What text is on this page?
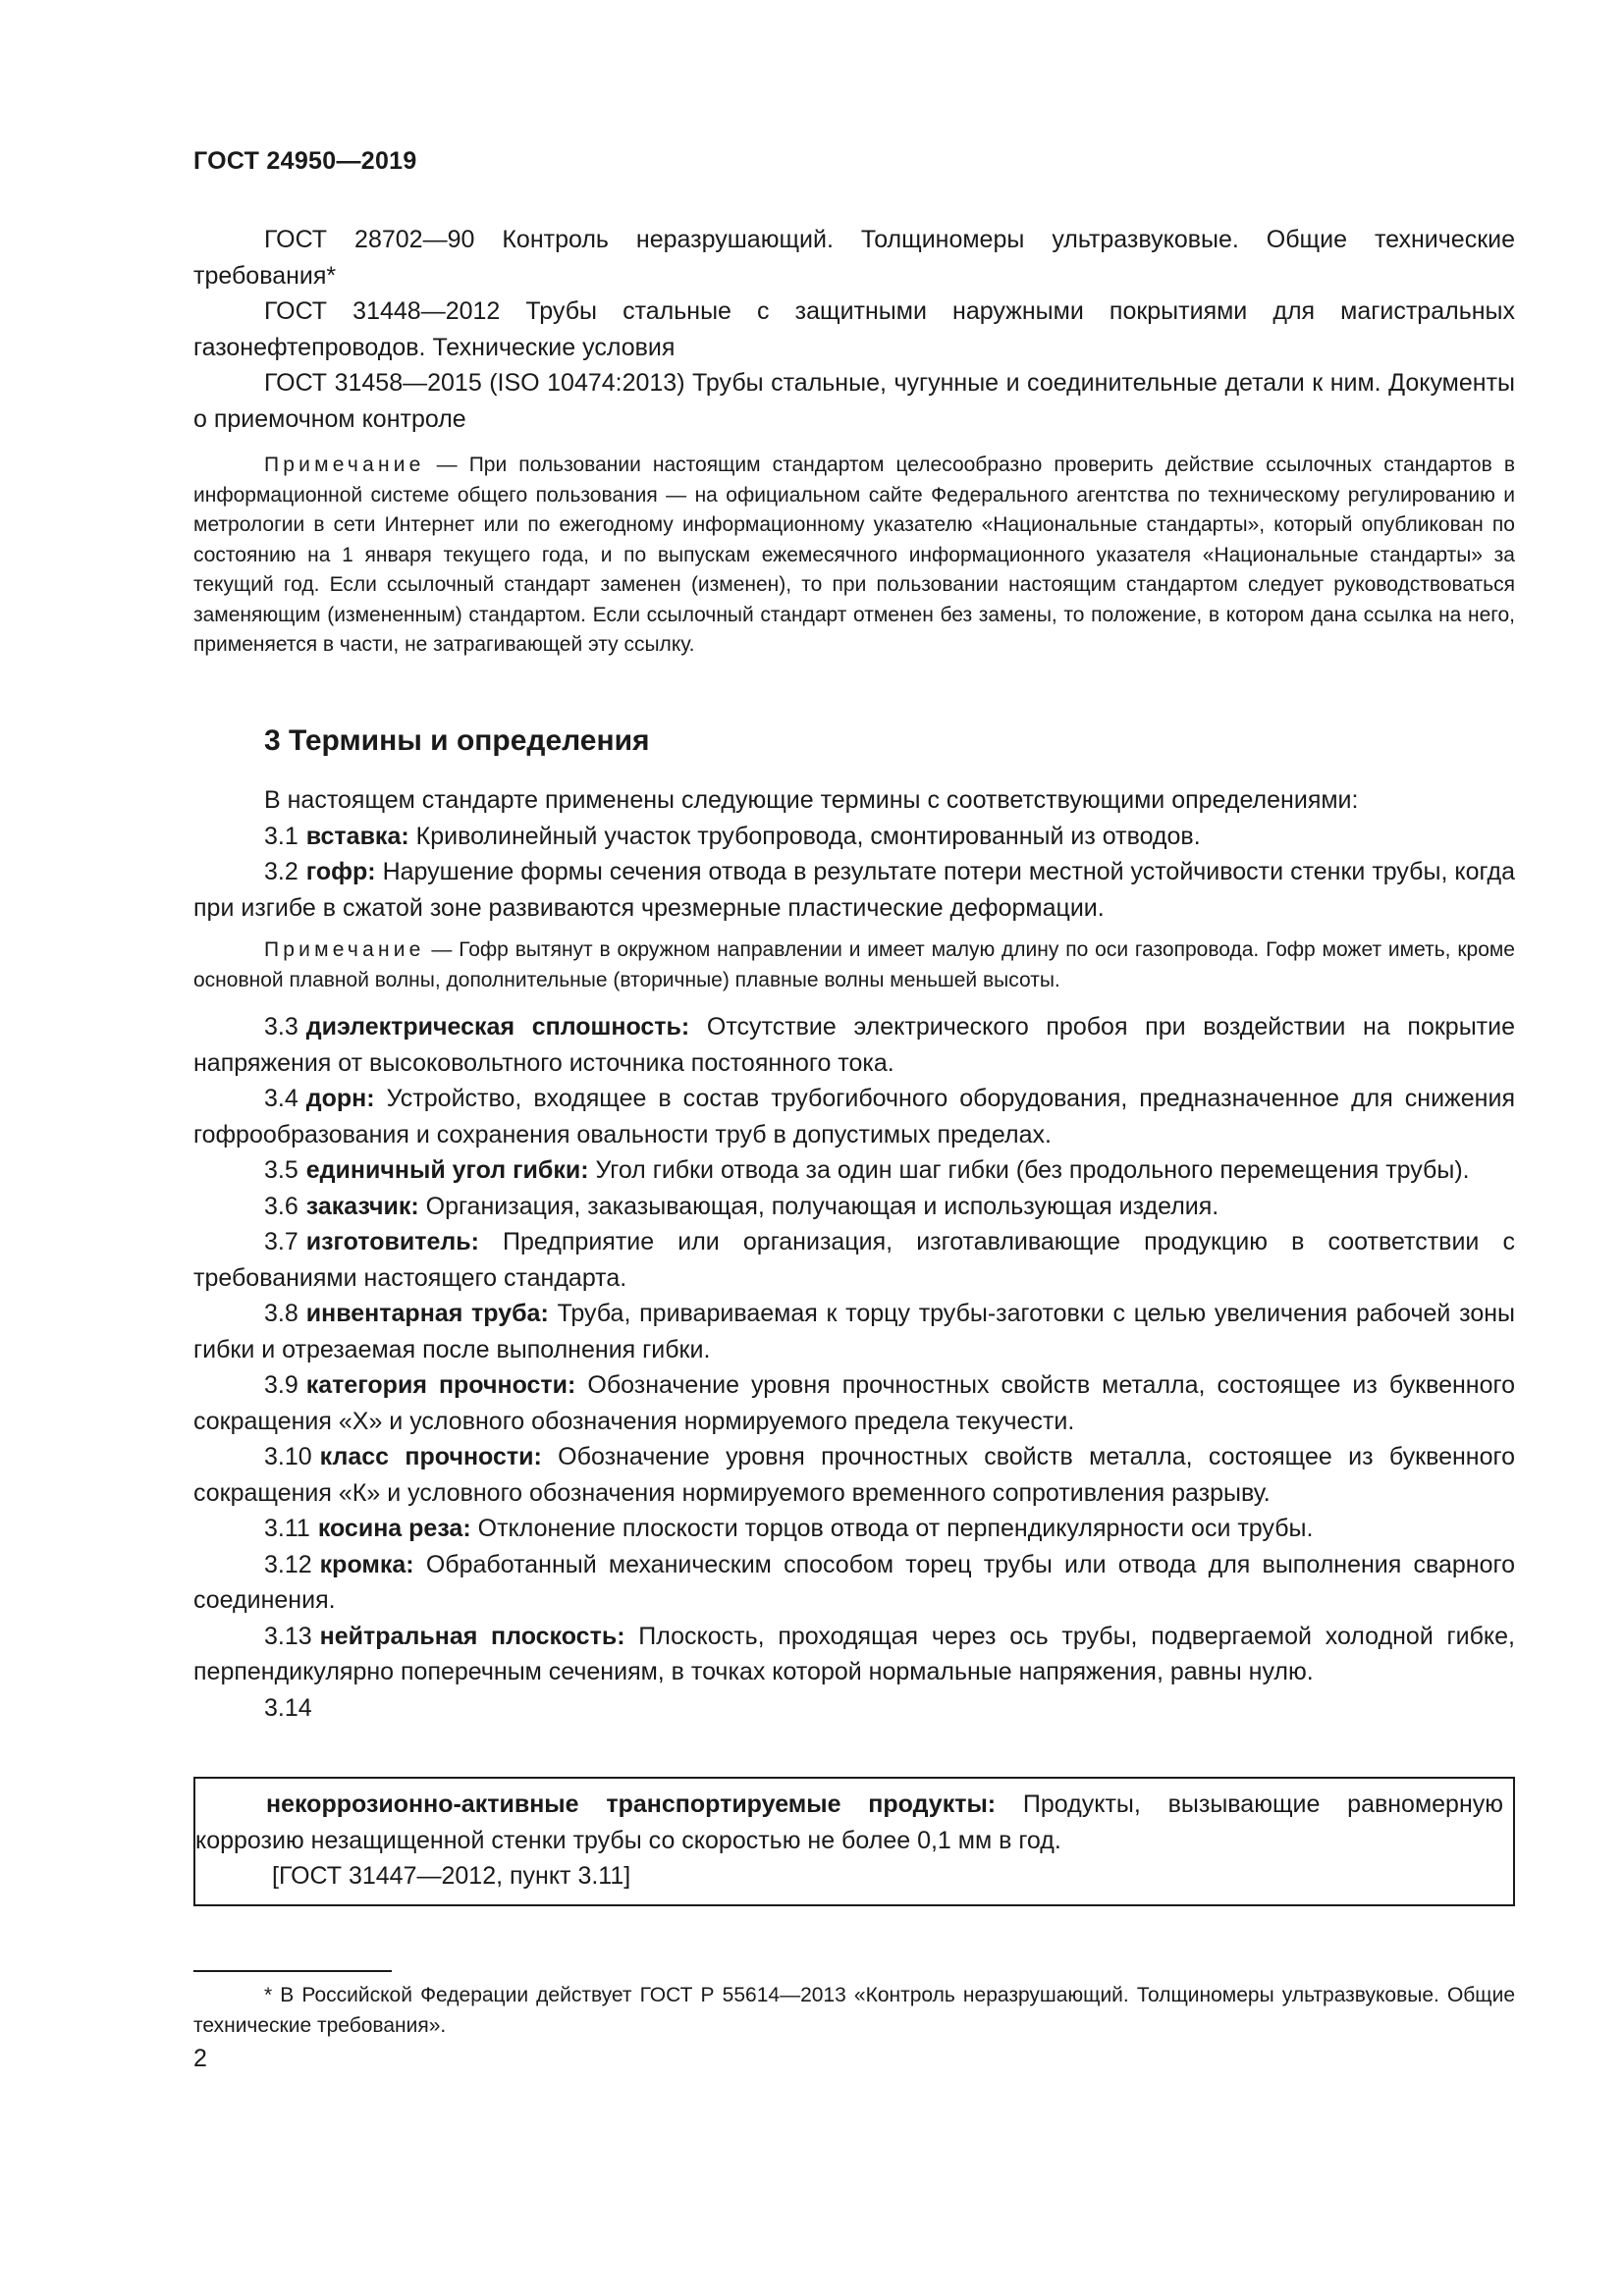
ГОСТ 24950—2019

ГОСТ 28702—90 Контроль неразрушающий. Толщиномеры ультразвуковые. Общие технические требования*

ГОСТ 31448—2012 Трубы стальные с защитными наружными покрытиями для магистральных газонефтепроводов. Технические условия

ГОСТ 31458—2015 (ISO 10474:2013) Трубы стальные, чугунные и соединительные детали к ним. Документы о приемочном контроле

Примечание — При пользовании настоящим стандартом целесообразно проверить действие ссылочных стандартов в информационной системе общего пользования — на официальном сайте Федерального агентства по техническому регулированию и метрологии в сети Интернет или по ежегодному информационному указателю «Национальные стандарты», который опубликован по состоянию на 1 января текущего года, и по выпускам ежемесячного информационного указателя «Национальные стандарты» за текущий год. Если ссылочный стандарт заменен (изменен), то при пользовании настоящим стандартом следует руководствоваться заменяющим (измененным) стандартом. Если ссылочный стандарт отменен без замены, то положение, в котором дана ссылка на него, применяется в части, не затрагивающей эту ссылку.

3 Термины и определения

В настоящем стандарте применены следующие термины с соответствующими определениями:

3.1 вставка: Криволинейный участок трубопровода, смонтированный из отводов.

3.2 гофр: Нарушение формы сечения отвода в результате потери местной устойчивости стенки трубы, когда при изгибе в сжатой зоне развиваются чрезмерные пластические деформации.

Примечание — Гофр вытянут в окружном направлении и имеет малую длину по оси газопровода. Гофр может иметь, кроме основной плавной волны, дополнительные (вторичные) плавные волны меньшей высоты.

3.3 диэлектрическая сплошность: Отсутствие электрического пробоя при воздействии на покрытие напряжения от высоковольтного источника постоянного тока.

3.4 дорн: Устройство, входящее в состав трубогибочного оборудования, предназначенное для снижения гофрообразования и сохранения овальности труб в допустимых пределах.

3.5 единичный угол гибки: Угол гибки отвода за один шаг гибки (без продольного перемещения трубы).

3.6 заказчик: Организация, заказывающая, получающая и использующая изделия.

3.7 изготовитель: Предприятие или организация, изготавливающие продукцию в соответствии с требованиями настоящего стандарта.

3.8 инвентарная труба: Труба, привариваемая к торцу трубы-заготовки с целью увеличения рабочей зоны гибки и отрезаемая после выполнения гибки.

3.9 категория прочности: Обозначение уровня прочностных свойств металла, состоящее из буквенного сокращения «Х» и условного обозначения нормируемого предела текучести.

3.10 класс прочности: Обозначение уровня прочностных свойств металла, состоящее из буквенного сокращения «К» и условного обозначения нормируемого временного сопротивления разрыву.

3.11 косина реза: Отклонение плоскости торцов отвода от перпендикулярности оси трубы.

3.12 кромка: Обработанный механическим способом торец трубы или отвода для выполнения сварного соединения.

3.13 нейтральная плоскость: Плоскость, проходящая через ось трубы, подвергаемой холодной гибке, перпендикулярно поперечным сечениям, в точках которой нормальные напряжения, равны нулю.

3.14

некоррозионно-активные транспортируемые продукты: Продукты, вызывающие равномерную коррозию незащищенной стенки трубы со скоростью не более 0,1 мм в год.

[ГОСТ 31447—2012, пункт 3.11]

* В Российской Федерации действует ГОСТ Р 55614—2013 «Контроль неразрушающий. Толщиномеры ультразвуковые. Общие технические требования».

2
